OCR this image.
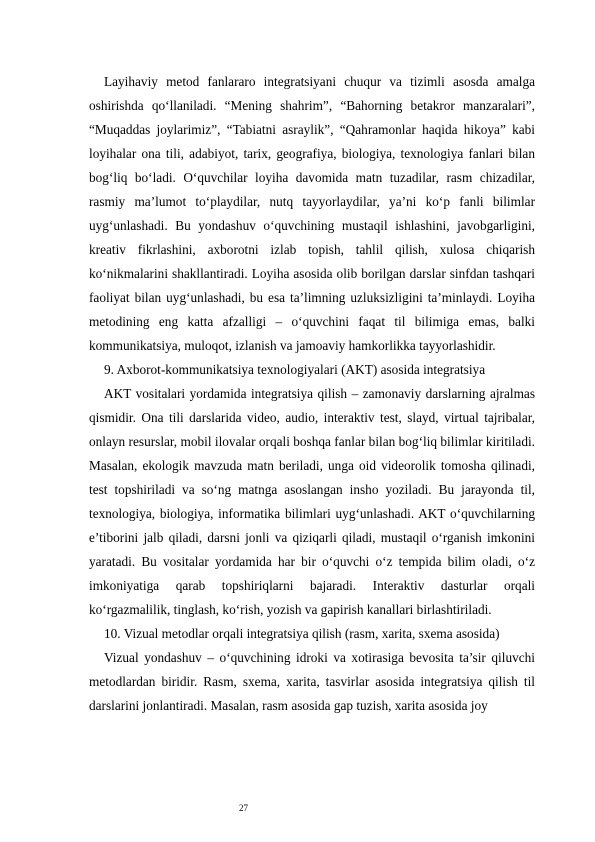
Layihaviy metod fanlararo integratsiyani chuqur va tizimli asosda amalga oshirishda qo‘llaniladi. “Mening shahrim”, “Bahorning betakror manzaralari”, “Muqaddas joylarimiz”, “Tabiatni asraylik”, “Qahramonlar haqida hikoya” kabi loyihalar ona tili, adabiyot, tarix, geografiya, biologiya, texnologiya fanlari bilan bog‘liq bo‘ladi. O‘quvchilar loyiha davomida matn tuzadilar, rasm chizadilar, rasmiy ma’lumot to‘playdilar, nutq tayyorlaydilar, ya’ni ko‘p fanli bilimlar uyg‘unlashadi. Bu yondashuv o‘quvchining mustaqil ishlashini, javobgarligini, kreativ fikrlashini, axborotni izlab topish, tahlil qilish, xulosa chiqarish ko‘nikmalarini shakllantiradi. Loyiha asosida olib borilgan darslar sinfdan tashqari faoliyat bilan uyg‘unlashadi, bu esa ta’limning uzluksizligini ta’minlaydi. Loyiha metodining eng katta afzalligi – o‘quvchini faqat til bilimiga emas, balki kommunikatsiya, muloqot, izlanish va jamoaviy hamkorlikka tayyorlashidir.

9. Axborot-kommunikatsiya texnologiyalari (AKT) asosida integratsiya

AKT vositalari yordamida integratsiya qilish – zamonaviy darslarning ajralmas qismidir. Ona tili darslarida video, audio, interaktiv test, slayd, virtual tajribalar, onlayn resurslar, mobil ilovalar orqali boshqa fanlar bilan bog‘liq bilimlar kiritiladi. Masalan, ekologik mavzuda matn beriladi, unga oid videorolik tomosha qilinadi, test topshiriladi va so‘ng matnga asoslangan insho yoziladi. Bu jarayonda til, texnologiya, biologiya, informatika bilimlari uyg‘unlashadi. AKT o‘quvchilarning e’tiborini jalb qiladi, darsni jonli va qiziqarli qiladi, mustaqil o‘rganish imkonini yaratadi. Bu vositalar yordamida har bir o‘quvchi o‘z tempida bilim oladi, o‘z imkoniyatiga qarab topshiriqlarni bajaradi. Interaktiv dasturlar orqali ko‘rgazmalilik, tinglash, ko‘rish, yozish va gapirish kanallari birlashtiriladi.

10. Vizual metodlar orqali integratsiya qilish (rasm, xarita, sxema asosida)

Vizual yondashuv – o‘quvchining idroki va xotirasiga bevosita ta’sir qiluvchi metodlardan biridir. Rasm, sxema, xarita, tasvirlar asosida integratsiya qilish til darslarini jonlantiradi. Masalan, rasm asosida gap tuzish, xarita asosida joy

27
